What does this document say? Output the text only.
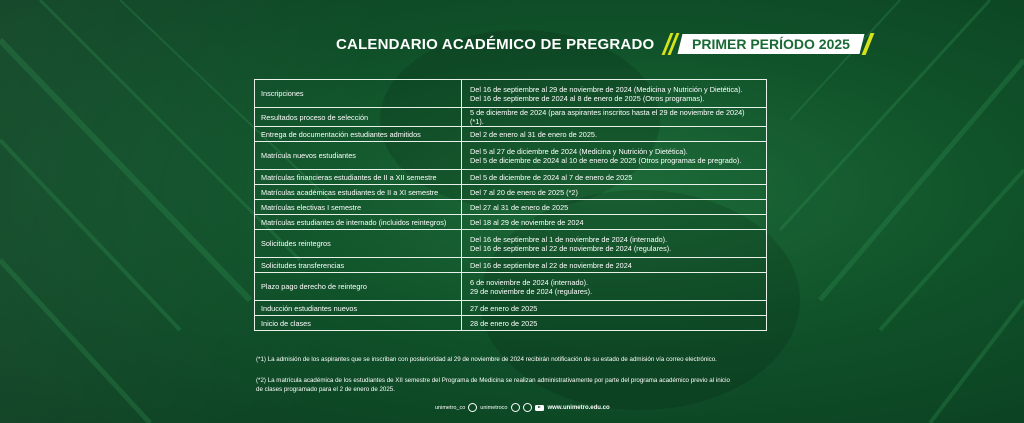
CALENDARIO ACADÉMICO DE PREGRADO	PRIMER PERÍODO 2025
Inscripciones	Del 16 de septiembre al 29 de noviembre de 2024 (Medicina y Nutrición y Dietética).
Del 16 de septiembre de 2024 al 8 de enero de 2025 (Otros programas).

Resultados proceso de selección	5 de diciembre de 2024 (para aspirantes inscritos hasta el 29 de noviembre de 2024) (*1).
Entrega de documentación estudiantes admitidos	Del 2 de enero al 31 de enero de 2025.
Matrícula nuevos estudiantes	Del 5 al 27 de diciembre de 2024 (Medicina y Nutrición y Dietética).
Del 5 de diciembre de 2024 al 10 de enero de 2025 (Otros programas de pregrado).

Matrículas financieras estudiantes de II a XII semestre	Del 5 de diciembre de 2024 al 7 de enero de 2025
Matrículas académicas estudiantes de II a XI semestre	Del 7 al 20 de enero de 2025 (*2)
Matrículas electivas I semestre	Del 27 al 31 de enero de 2025
Matrículas estudiantes de internado (incluidos reintegros)	Del 18 al 29 de noviembre de 2024
Solicitudes reintegros	Del 16 de septiembre al 1 de noviembre de 2024 (internado).
Del 16 de septiembre al 22 de noviembre de 2024 (regulares).

Solicitudes transferencias	Del 16 de septiembre al 22 de noviembre de 2024
Plazo pago derecho de reintegro	6 de noviembre de 2024 (internado).
29 de noviembre de 2024 (regulares).

Inducción estudiantes nuevos	27 de enero de 2025
Inicio de clases	28 de enero de 2025
(*1) La admisión de los aspirantes que se inscriban con posterioridad al 29 de noviembre de 2024 recibirán notificación de su estado de admisión vía correo electrónico.
(*2) La matrícula académica de los estudiantes de XII semestre del Programa de Medicina se realizan administrativamente por parte del programa académico previo al inicio
de clases programado para el 2 de enero de 2025.
unimetro_co	unimetroco	www.unimetro.edu.co
